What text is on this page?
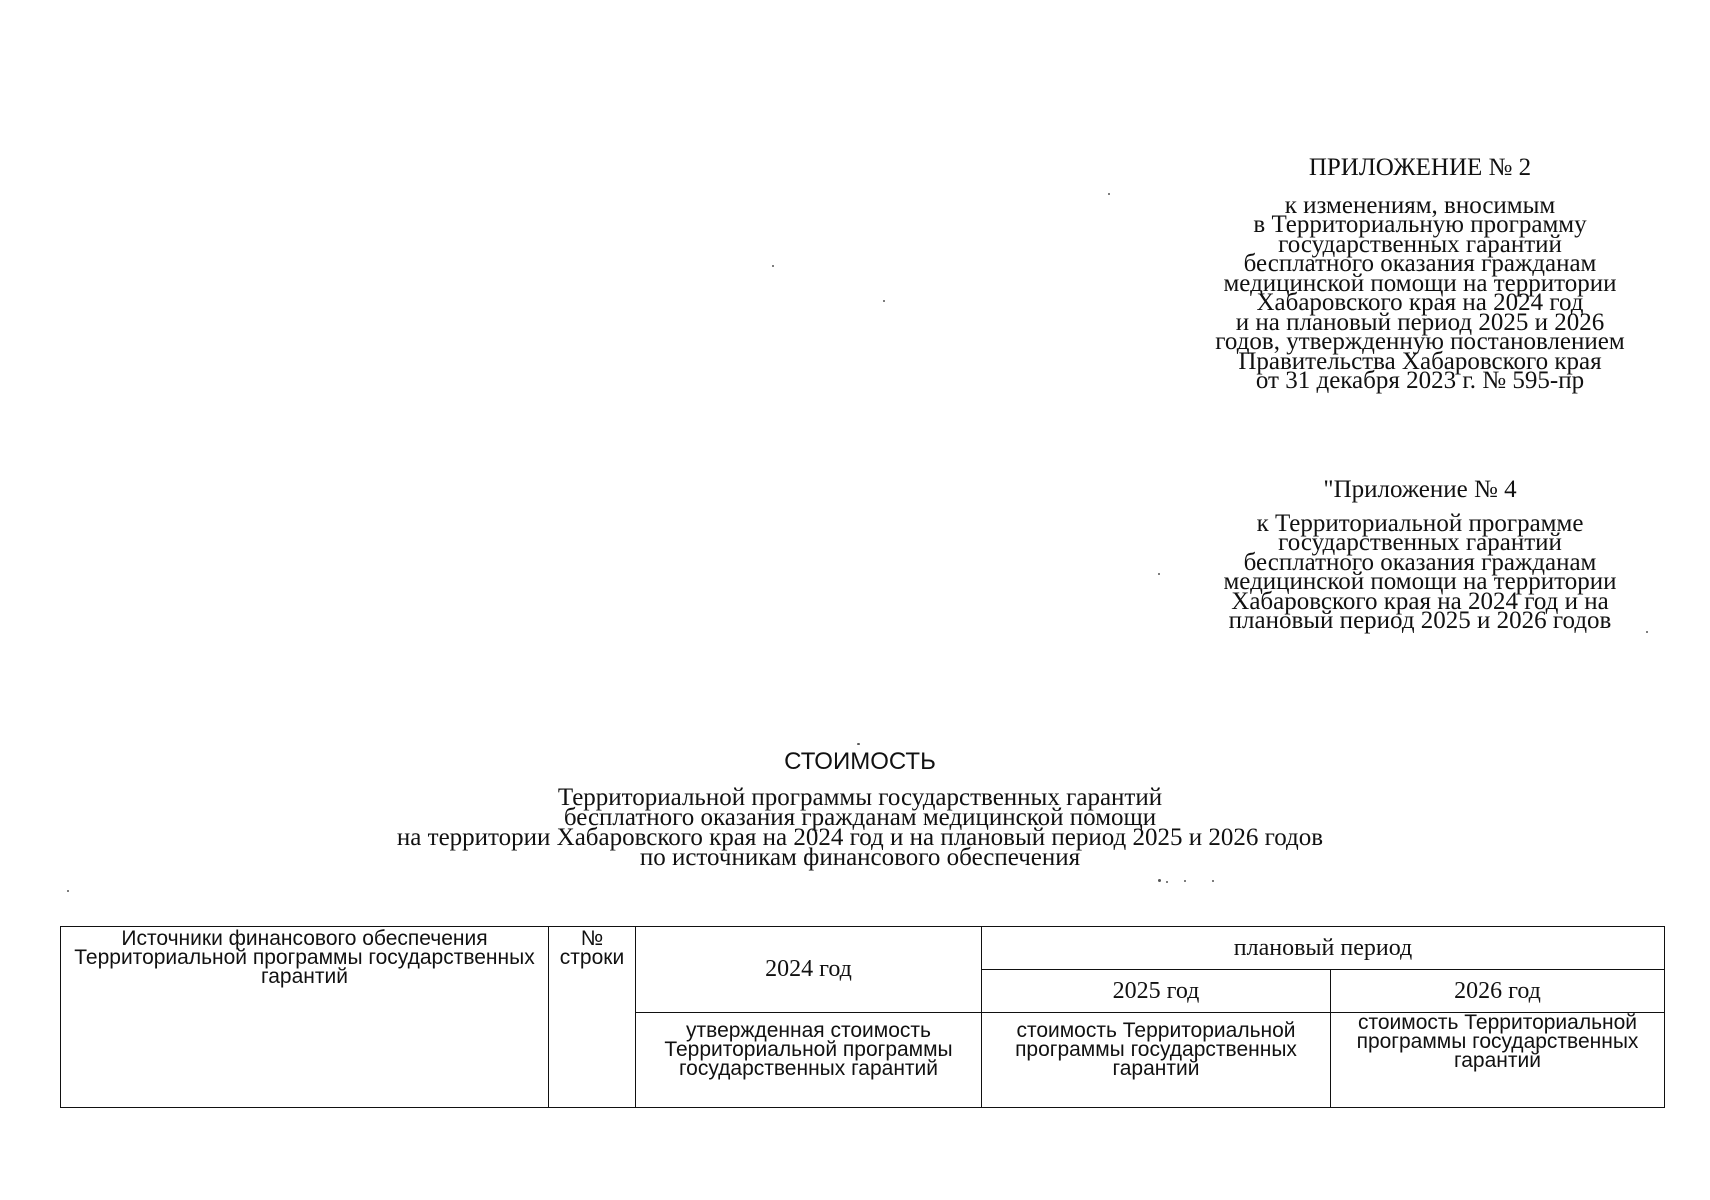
ПРИЛОЖЕНИЕ № 2
к изменениям, вносимым
в Территориальную программу
государственных гарантий
бесплатного оказания гражданам
медицинской помощи на территории
Хабаровского края на 2024 год
и на плановый период 2025 и 2026
годов, утвержденную постановлением
Правительства Хабаровского края
от 31 декабря 2023 г. № 595-пр
"Приложение № 4
к Территориальной программе
государственных гарантий
бесплатного оказания гражданам
медицинской помощи на территории
Хабаровского края на 2024 год и на
плановый период 2025 и 2026 годов
СТОИМОСТЬ
Территориальной программы государственных гарантий
бесплатного оказания гражданам медицинской помощи
на территории Хабаровского края на 2024 год и на плановый период 2025 и 2026 годов
по источникам финансового обеспечения
Источники финансового обеспечения Территориальной программы государственных гарантий	№ строки	2024 год	плановый период	
			2025 год	2026 год
		утвержденная стоимость Территориальной программы государственных гарантий	стоимость Территориальной программы государственных гарантий	стоимость Территориальной программы государственных гарантий
